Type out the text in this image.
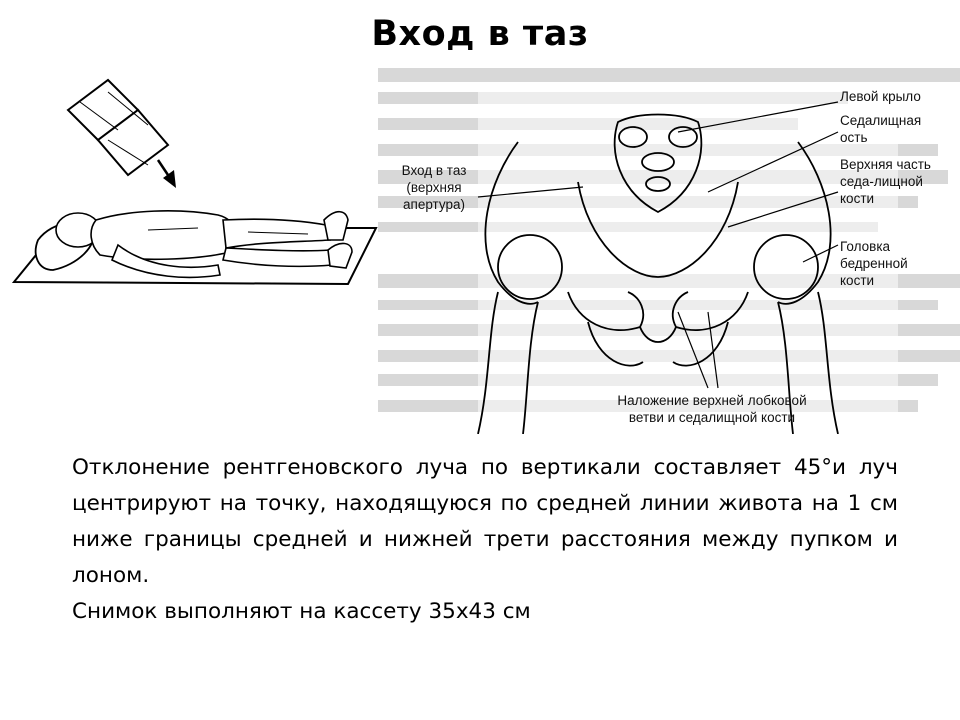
Вход в таз
Левой крыло
Седалищная ость
Верхняя часть седа-лищной кости
Головка бедренной кости
Вход в таз (верхняя апертура)
Наложение верхней лобковой ветви и седалищной кости

Отклонение рентгеновского луча по вертикали составляет 45°и луч центрируют на точку, находящуюся по средней линии живота на 1 см ниже границы средней и нижней трети расстояния между пупком и лоном.

Снимок выполняют на кассету 35х43 см
